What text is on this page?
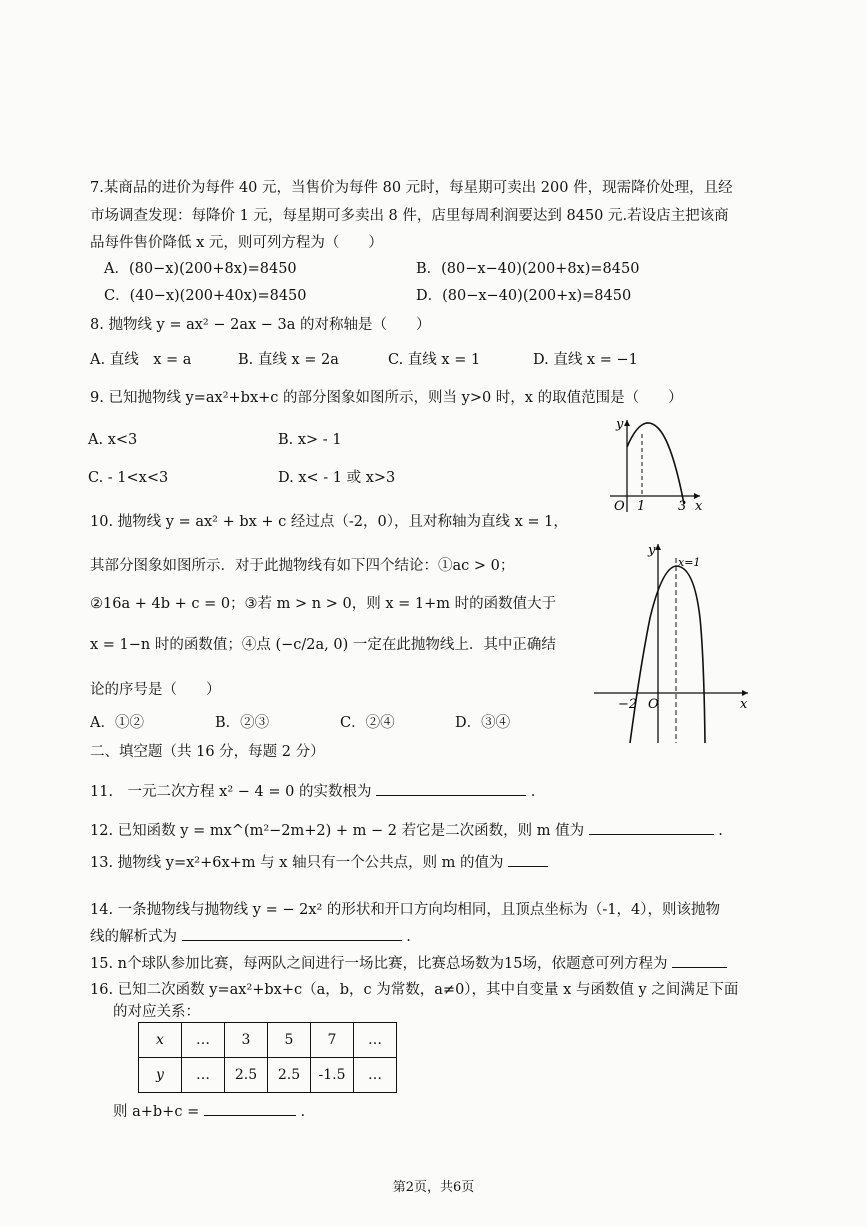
7.某商品的进价为每件 40 元，当售价为每件 80 元时，每星期可卖出 200 件，现需降价处理，且经
市场调查发现：每降价 1 元，每星期可多卖出 8 件，店里每周利润要达到 8450 元.若设店主把该商
品每件售价降低 x 元，则可列方程为（　　）
A．(80−x)(200+8x)=8450	B．(80−x−40)(200+8x)=8450
C．(40−x)(200+40x)=8450	D．(80−x−40)(200+x)=8450
8. 抛物线 y = ax² − 2ax − 3a 的对称轴是（　　）
A. 直线　x = a	B. 直线 x = 2a	C. 直线 x = 1	D. 直线 x = −1
9. 已知抛物线 y=ax²+bx+c 的部分图象如图所示，则当 y>0 时，x 的取值范围是（　　）
A. x<3	B. x> - 1
C. - 1<x<3	D. x< - 1 或 x>3
O 1	3 x
y
10. 抛物线 y = ax² + bx + c 经过点（-2，0），且对称轴为直线 x = 1，
其部分图象如图所示．对于此抛物线有如下四个结论：①ac > 0；
②16a + 4b + c = 0；③若 m > n > 0，则 x = 1+m 时的函数值大于
x = 1−n 时的函数值；④点 (−c/2a, 0) 一定在此抛物线上．其中正确结
论的序号是（　　）
A．①②	B．②③	C．②④	D．③④
x=1
−2 O	x
y
二、填空题（共 16 分，每题 2 分）
11.　一元二次方程 x² − 4 = 0 的实数根为	.
12. 已知函数 y = mx^(m²−2m+2) + m − 2 若它是二次函数，则 m 值为	.
13. 抛物线 y=x²+6x+m 与 x 轴只有一个公共点，则 m 的值为
14. 一条抛物线与抛物线 y = − 2x² 的形状和开口方向均相同，且顶点坐标为（-1，4），则该抛物
线的解析式为	.
15. n个球队参加比赛，每两队之间进行一场比赛，比赛总场数为15场，依题意可列方程为
16. 已知二次函数 y=ax²+bx+c（a，b，c 为常数，a≠0），其中自变量 x 与函数值 y 之间满足下面
的对应关系：
x	…	3	5	7	…
y	…	2.5	2.5	-1.5	…
则 a+b+c =	.
第2页，共6页
